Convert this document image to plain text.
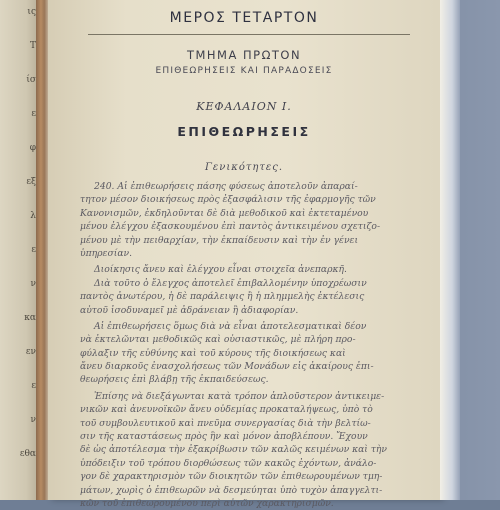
ις
Τ
ίσ
ε
φ
εξ
λ
ε
ν
κα
εν
ε
ν
εθα
ΜΕΡΟΣ ΤΕΤΑΡΤΟΝ
ΤΜΗΜΑ ΠΡΩΤΟΝ
ΕΠΙΘΕΩΡΗΣΕΙΣ ΚΑΙ ΠΑΡΑΔΟΣΕΙΣ
ΚΕΦΑΛΑΙΟΝ Ι.
ΕΠΙΘΕΩΡΗΣΕΙΣ
Γενικότητες.
240. Αἱ ἐπιθεωρήσεις πάσης φύσεως ἀποτελοῦν ἀπαραί-
τητον μέσον διοικήσεως πρὸς ἐξασφάλισιν τῆς ἐφαρμογῆς τῶν
Κανονισμῶν, ἐκδηλοῦνται δὲ διὰ μεθοδικοῦ καὶ ἐκτεταμένου
μένου ἐλέγχου ἐξασκουμένου ἐπὶ παντὸς ἀντικειμένου σχετιζο-
μένου μὲ τὴν πειθαρχίαν, τὴν ἐκπαίδευσιν καὶ τὴν ἐν γένει
ὑπηρεσίαν.
Διοίκησις ἄνευ καὶ ἐλέγχου εἶναι στοιχεῖα ἀνεπαρκῆ.
Διὰ τοῦτο ὁ ἔλεγχος ἀποτελεῖ ἐπιβαλλομένην ὑποχρέωσιν
παντὸς ἀνωτέρου, ἡ δὲ παράλειψις ἢ ἡ πλημμελὴς ἐκτέλεσις
αὐτοῦ ἰσοδυναμεῖ μὲ ἀδράνειαν ἢ ἀδιαφορίαν.
Αἱ ἐπιθεωρήσεις ὅμως διὰ νὰ εἶναι ἀποτελεσματικαὶ δέον
νὰ ἐκτελῶνται μεθοδικῶς καὶ οὐσιαστικῶς, μὲ πλήρη προ-
φύλαξιν τῆς εὐθύνης καὶ τοῦ κύρους τῆς διοικήσεως καὶ
ἄνευ διαρκοῦς ἐνασχολήσεως τῶν Μονάδων εἰς ἀκαίρους ἐπι-
θεωρήσεις ἐπὶ βλάβῃ τῆς ἐκπαιδεύσεως.
Ἐπίσης νὰ διεξάγωνται κατὰ τρόπον ἁπλοῦστερον ἀντικειμε-
νικῶν καὶ ἀνευνοϊκῶν ἄνευ οὐδεμίας προκαταλήψεως, ὑπὸ τὸ
τοῦ συμβουλευτικοῦ καὶ πνεῦμα συνεργασίας διὰ τὴν βελτίω-
σιν τῆς καταστάσεως πρὸς ἣν καὶ μόνον ἀποβλέπουν. Ἔχουν
δὲ ὡς ἀποτέλεσμα τὴν ἐξακρίβωσιν τῶν καλῶς κειμένων καὶ τὴν
ὑπόδειξιν τοῦ τρόπου διορθώσεως τῶν κακῶς ἐχόντων, ἀνάλο-
γον δὲ χαρακτηρισμὸν τῶν διοικητῶν τῶν ἐπιθεωρουμένων τμη-
μάτων, χωρὶς ὁ ἐπιθεωρῶν νὰ δεσμεύηται ὑπὸ τυχὸν ἀπαγγελτι-
κῶν τοῦ ἐπιθεωρουμένου περὶ αὐτῶν χαρακτηρισμῶν.
